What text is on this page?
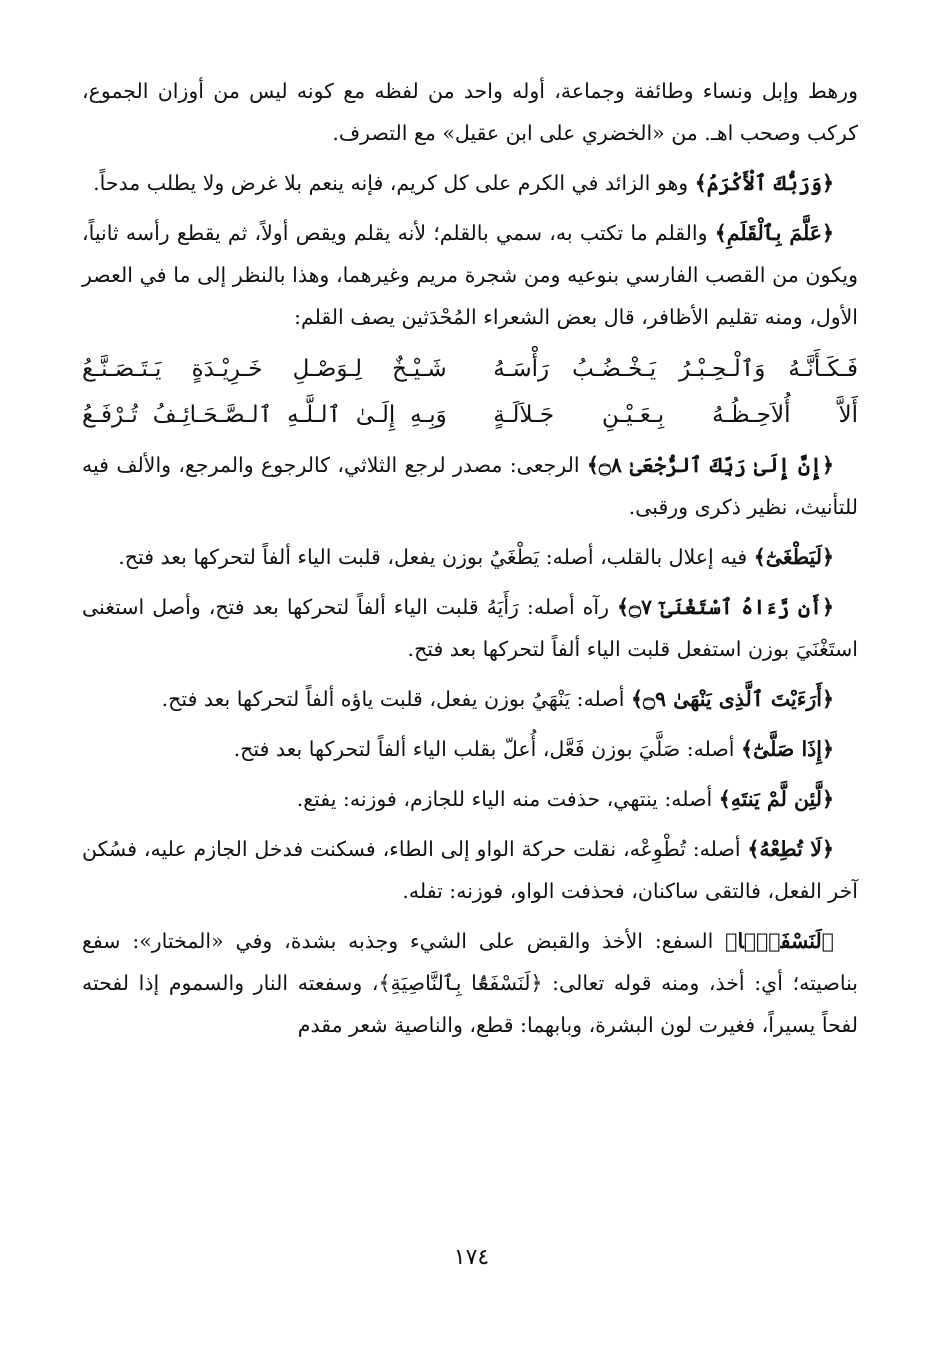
ورهط وإبل ونساء وطائفة وجماعة، أوله واحد من لفظه مع كونه ليس من أوزان الجموع، كركب وصحب اهـ. من «الخضري على ابن عقيل» مع التصرف.

﴿وَرَبُّكَ ٱلْأَكْرَمُ﴾ وهو الزائد في الكرم على كل كريم، فإنه ينعم بلا غرض ولا يطلب مدحاً.

﴿عَلَّمَ بِٱلْقَلَمِ﴾ والقلم ما تكتب به، سمي بالقلم؛ لأنه يقلم ويقص أولاً، ثم يقطع رأسه ثانياً، ويكون من القصب الفارسي بنوعيه ومن شجرة مريم وغيرهما، وهذا بالنظر إلى ما في العصر الأول، ومنه تقليم الأظافر، قال بعض الشعراء المُحْدَثين يصف القلم:

فَـكَـأَنَّـهُ وَٱلْـحِـبْـرُ يَـخْـضُـبُ رَأْسَـهُ
شَـيْـخٌ لِـوَصْـلِ خَـرِيْـدَةٍ يَـتَـصَـنَّـعُ
أَلاَّ أُلاَحِـظُـهُ بِـعَـيْـنِ جَـلاَلَـةٍ
وَبِـهِ إِلَـىٰ ٱلـلَّـهِ ٱلـصَّـحَـائِـفُ تُـرْفَـعُ

﴿إِنَّ إِلَىٰ رَبِّكَ ٱلرُّجْعَىٰ ۝٨﴾ الرجعى: مصدر لرجع الثلاثي، كالرجوع والمرجع، والألف فيه للتأنيث، نظير ذكرى ورقبى.

﴿لَيَطْغَىٰٓ﴾ فيه إعلال بالقلب، أصله: يَطْغَيُ بوزن يفعل، قلبت الياء ألفاً لتحركها بعد فتح.

﴿أَن رَّءَاهُ ٱسْتَغْنَىٰٓ ۝٧﴾ رآه أصله: رَأَيَهُ قلبت الياء ألفاً لتحركها بعد فتح، وأصل استغنى استَغْنَيَ بوزن استفعل قلبت الياء ألفاً لتحركها بعد فتح.

﴿أَرَءَيْتَ ٱلَّذِى يَنْهَىٰ ۝٩﴾ أصله: يَنْهَيُ بوزن يفعل، قلبت ياؤه ألفاً لتحركها بعد فتح.

﴿إِذَا صَلَّىٰٓ﴾ أصله: صَلَّيَ بوزن فَعَّل، أُعلّ بقلب الياء ألفاً لتحركها بعد فتح.

﴿لَّئِن لَّمْ يَنتَهِ﴾ أصله: ينتهي، حذفت منه الياء للجازم، فوزنه: يفتع.

﴿لَا تُطِعْهُ﴾ أصله: تُطْوِعْه، نقلت حركة الواو إلى الطاء، فسكنت فدخل الجازم عليه، فسُكن آخر الفعل، فالتقى ساكنان، فحذفت الواو، فوزنه: تفله.

﴿لَنَسْفَعًۢا﴾ السفع: الأخذ والقبض على الشيء وجذبه بشدة، وفي «المختار»: سفع بناصيته؛ أي: أخذ، ومنه قوله تعالى: ﴿لَنَسْفَعًۢا بِٱلنَّاصِيَةِ﴾، وسفعته النار والسموم إذا لفحته لفحاً يسيراً، فغيرت لون البشرة، وبابهما: قطع، والناصية شعر مقدم

١٧٤
